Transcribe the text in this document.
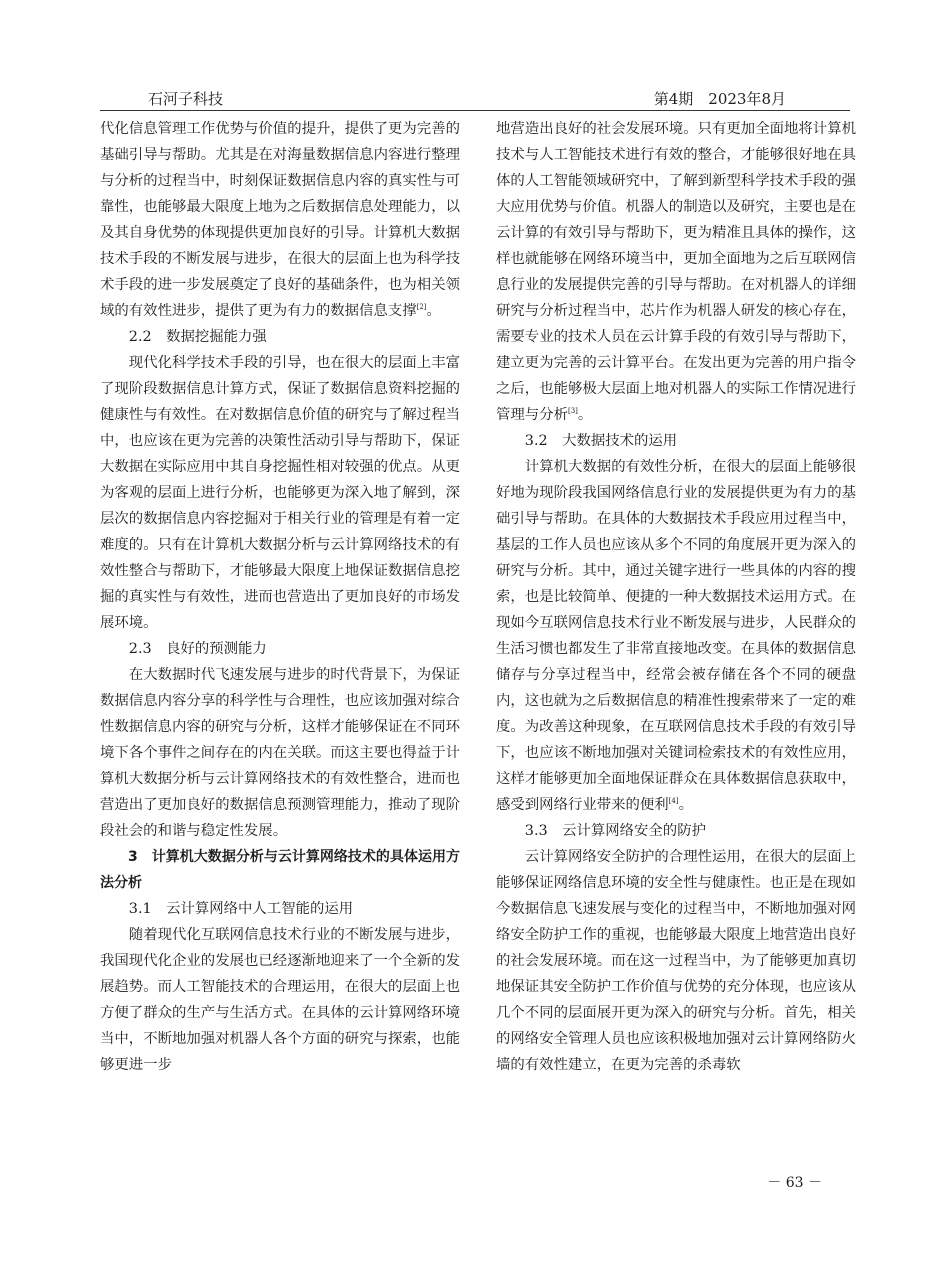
石河子科技	第4期　2023年8月

代化信息管理工作优势与价值的提升，提供了更为完善的基础引导与帮助。尤其是在对海量数据信息内容进行整理与分析的过程当中，时刻保证数据信息内容的真实性与可靠性，也能够最大限度上地为之后数据信息处理能力，以及其自身优势的体现提供更加良好的引导。计算机大数据技术手段的不断发展与进步，在很大的层面上也为科学技术手段的进一步发展奠定了良好的基础条件，也为相关领域的有效性进步，提供了更为有力的数据信息支撑[2]。

2.2　数据挖掘能力强

现代化科学技术手段的引导，也在很大的层面上丰富了现阶段数据信息计算方式，保证了数据信息资料挖掘的健康性与有效性。在对数据信息价值的研究与了解过程当中，也应该在更为完善的决策性活动引导与帮助下，保证大数据在实际应用中其自身挖掘性相对较强的优点。从更为客观的层面上进行分析，也能够更为深入地了解到，深层次的数据信息内容挖掘对于相关行业的管理是有着一定难度的。只有在计算机大数据分析与云计算网络技术的有效性整合与帮助下，才能够最大限度上地保证数据信息挖掘的真实性与有效性，进而也营造出了更加良好的市场发展环境。

2.3　良好的预测能力

在大数据时代飞速发展与进步的时代背景下，为保证数据信息内容分享的科学性与合理性，也应该加强对综合性数据信息内容的研究与分析，这样才能够保证在不同环境下各个事件之间存在的内在关联。而这主要也得益于计算机大数据分析与云计算网络技术的有效性整合，进而也营造出了更加良好的数据信息预测管理能力，推动了现阶段社会的和谐与稳定性发展。

3　计算机大数据分析与云计算网络技术的具体运用方法分析

3.1　云计算网络中人工智能的运用

随着现代化互联网信息技术行业的不断发展与进步，我国现代化企业的发展也已经逐渐地迎来了一个全新的发展趋势。而人工智能技术的合理运用，在很大的层面上也方便了群众的生产与生活方式。在具体的云计算网络环境当中，不断地加强对机器人各个方面的研究与探索，也能够更进一步

地营造出良好的社会发展环境。只有更加全面地将计算机技术与人工智能技术进行有效的整合，才能够很好地在具体的人工智能领域研究中，了解到新型科学技术手段的强大应用优势与价值。机器人的制造以及研究，主要也是在云计算的有效引导与帮助下，更为精准且具体的操作，这样也就能够在网络环境当中，更加全面地为之后互联网信息行业的发展提供完善的引导与帮助。在对机器人的详细研究与分析过程当中，芯片作为机器人研发的核心存在，需要专业的技术人员在云计算手段的有效引导与帮助下，建立更为完善的云计算平台。在发出更为完善的用户指令之后，也能够极大层面上地对机器人的实际工作情况进行管理与分析[3]。

3.2　大数据技术的运用

计算机大数据的有效性分析，在很大的层面上能够很好地为现阶段我国网络信息行业的发展提供更为有力的基础引导与帮助。在具体的大数据技术手段应用过程当中，基层的工作人员也应该从多个不同的角度展开更为深入的研究与分析。其中，通过关键字进行一些具体的内容的搜索，也是比较简单、便捷的一种大数据技术运用方式。在现如今互联网信息技术行业不断发展与进步，人民群众的生活习惯也都发生了非常直接地改变。在具体的数据信息储存与分享过程当中，经常会被存储在各个不同的硬盘内，这也就为之后数据信息的精准性搜索带来了一定的难度。为改善这种现象，在互联网信息技术手段的有效引导下，也应该不断地加强对关键词检索技术的有效性应用，这样才能够更加全面地保证群众在具体数据信息获取中，感受到网络行业带来的便利[4]。

3.3　云计算网络安全的防护

云计算网络安全防护的合理性运用，在很大的层面上能够保证网络信息环境的安全性与健康性。也正是在现如今数据信息飞速发展与变化的过程当中，不断地加强对网络安全防护工作的重视，也能够最大限度上地营造出良好的社会发展环境。而在这一过程当中，为了能够更加真切地保证其安全防护工作价值与优势的充分体现，也应该从几个不同的层面展开更为深入的研究与分析。首先，相关的网络安全管理人员也应该积极地加强对云计算网络防火墙的有效性建立，在更为完善的杀毒软

－ 63 －
